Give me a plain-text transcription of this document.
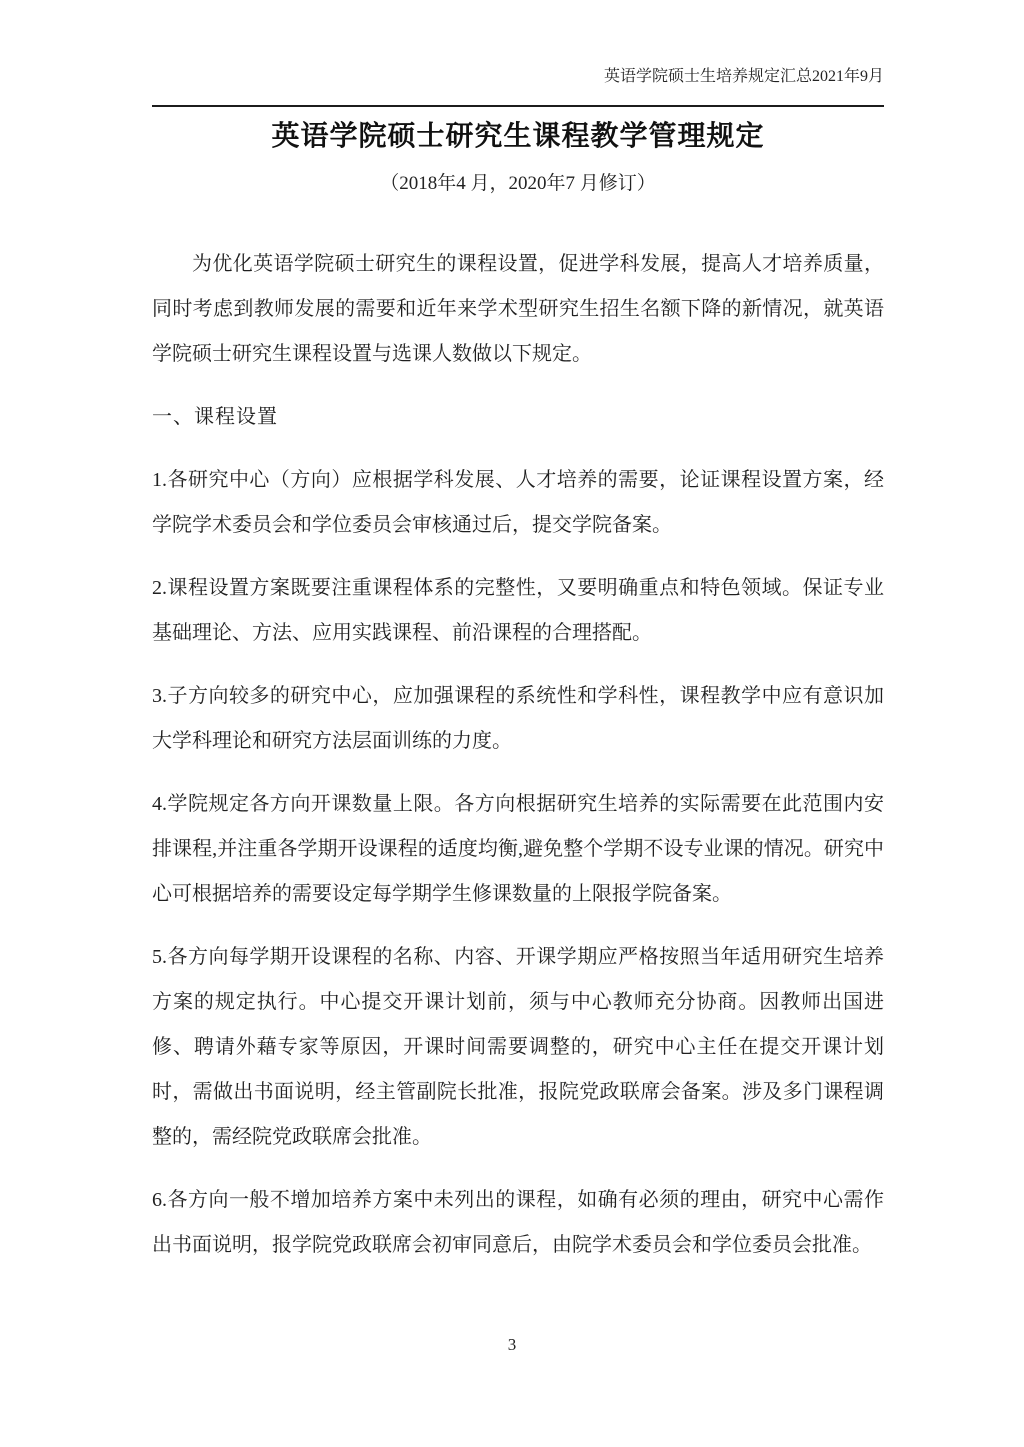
英语学院硕士生培养规定汇总2021年9月
英语学院硕士研究生课程教学管理规定
（2018年4 月，2020年7 月修订）

为优化英语学院硕士研究生的课程设置，促进学科发展，提高人才培养质量，同时考虑到教师发展的需要和近年来学术型研究生招生名额下降的新情况，就英语学院硕士研究生课程设置与选课人数做以下规定。

一、课程设置

1.各研究中心（方向）应根据学科发展、人才培养的需要，论证课程设置方案，经学院学术委员会和学位委员会审核通过后，提交学院备案。

2.课程设置方案既要注重课程体系的完整性，又要明确重点和特色领域。保证专业基础理论、方法、应用实践课程、前沿课程的合理搭配。

3.子方向较多的研究中心，应加强课程的系统性和学科性，课程教学中应有意识加大学科理论和研究方法层面训练的力度。

4.学院规定各方向开课数量上限。各方向根据研究生培养的实际需要在此范围内安排课程,并注重各学期开设课程的适度均衡,避免整个学期不设专业课的情况。研究中心可根据培养的需要设定每学期学生修课数量的上限报学院备案。

5.各方向每学期开设课程的名称、内容、开课学期应严格按照当年适用研究生培养方案的规定执行。中心提交开课计划前，须与中心教师充分协商。因教师出国进修、聘请外藉专家等原因，开课时间需要调整的，研究中心主任在提交开课计划时，需做出书面说明，经主管副院长批准，报院党政联席会备案。涉及多门课程调整的，需经院党政联席会批准。

6.各方向一般不增加培养方案中未列出的课程，如确有必须的理由，研究中心需作出书面说明，报学院党政联席会初审同意后，由院学术委员会和学位委员会批准。

3
